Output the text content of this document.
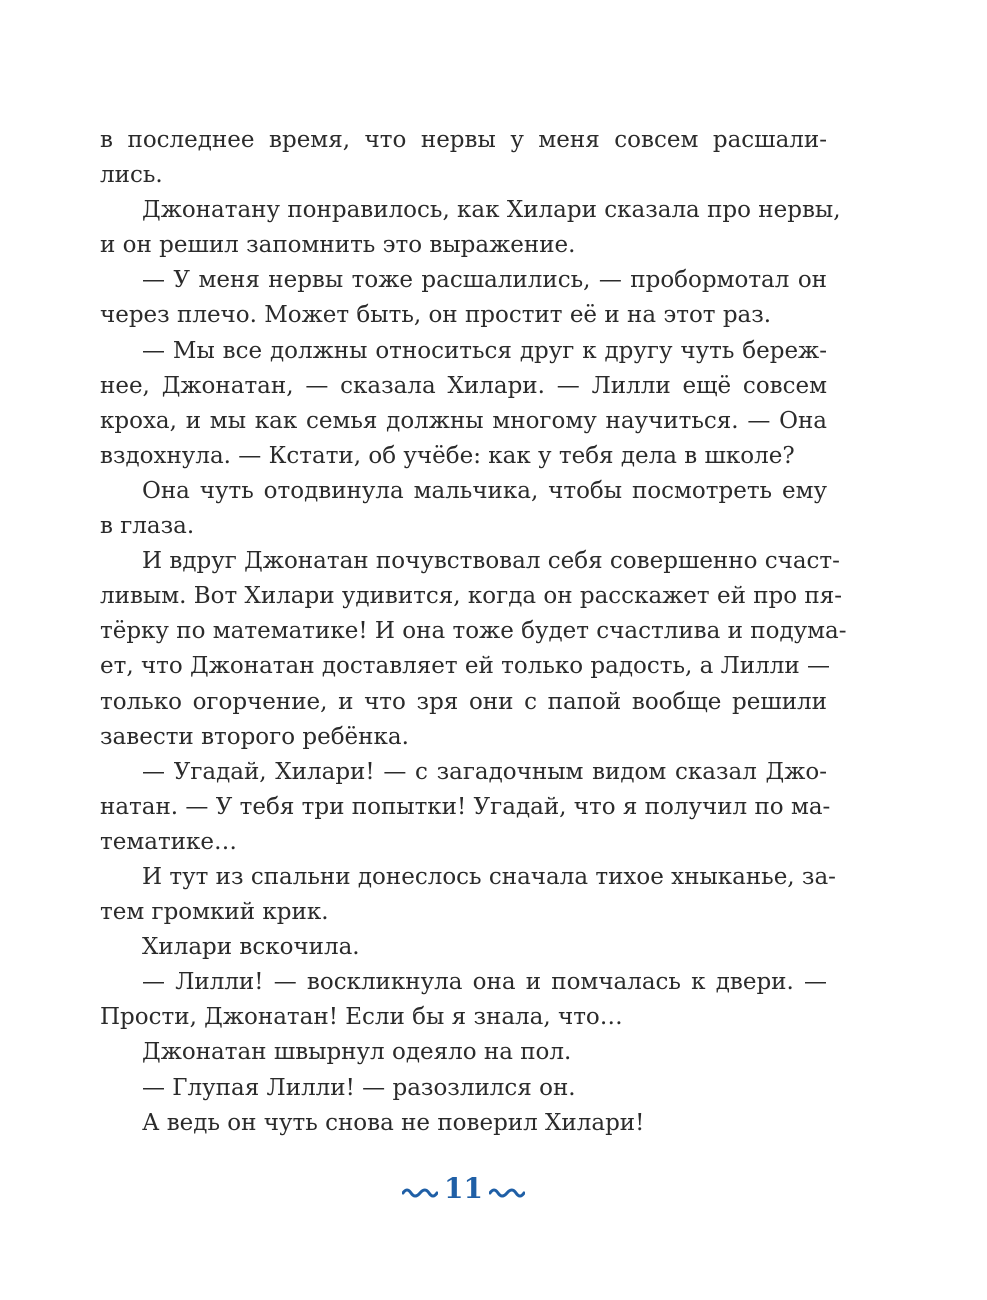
в последнее время, что нервы у меня совсем расшали-
лись.
Джонатану понравилось, как Хилари сказала про нервы,
и он решил запомнить это выражение.
— У меня нервы тоже расшалились, — пробормотал он
через плечо. Может быть, он простит её и на этот раз.
— Мы все должны относиться друг к другу чуть береж-
нее, Джонатан, — сказала Хилари. — Лилли ещё совсем
кроха, и мы как семья должны многому научиться. — Она
вздохнула. — Кстати, об учёбе: как у тебя дела в школе?
Она чуть отодвинула мальчика, чтобы посмотреть ему
в глаза.
И вдруг Джонатан почувствовал себя совершенно счаст-
ливым. Вот Хилари удивится, когда он расскажет ей про пя-
тёрку по математике! И она тоже будет счастлива и подума-
ет, что Джонатан доставляет ей только радость, а Лилли —
только огорчение, и что зря они с папой вообще решили
завести второго ребёнка.
— Угадай, Хилари! — с загадочным видом сказал Джо-
натан. — У тебя три попытки! Угадай, что я получил по ма-
тематике…
И тут из спальни донеслось сначала тихое хныканье, за-
тем громкий крик.
Хилари вскочила.
— Лилли! — воскликнула она и помчалась к двери. —
Прости, Джонатан! Если бы я знала, что…
Джонатан швырнул одеяло на пол.
— Глупая Лилли! — разозлился он.
А ведь он чуть снова не поверил Хилари!
11
